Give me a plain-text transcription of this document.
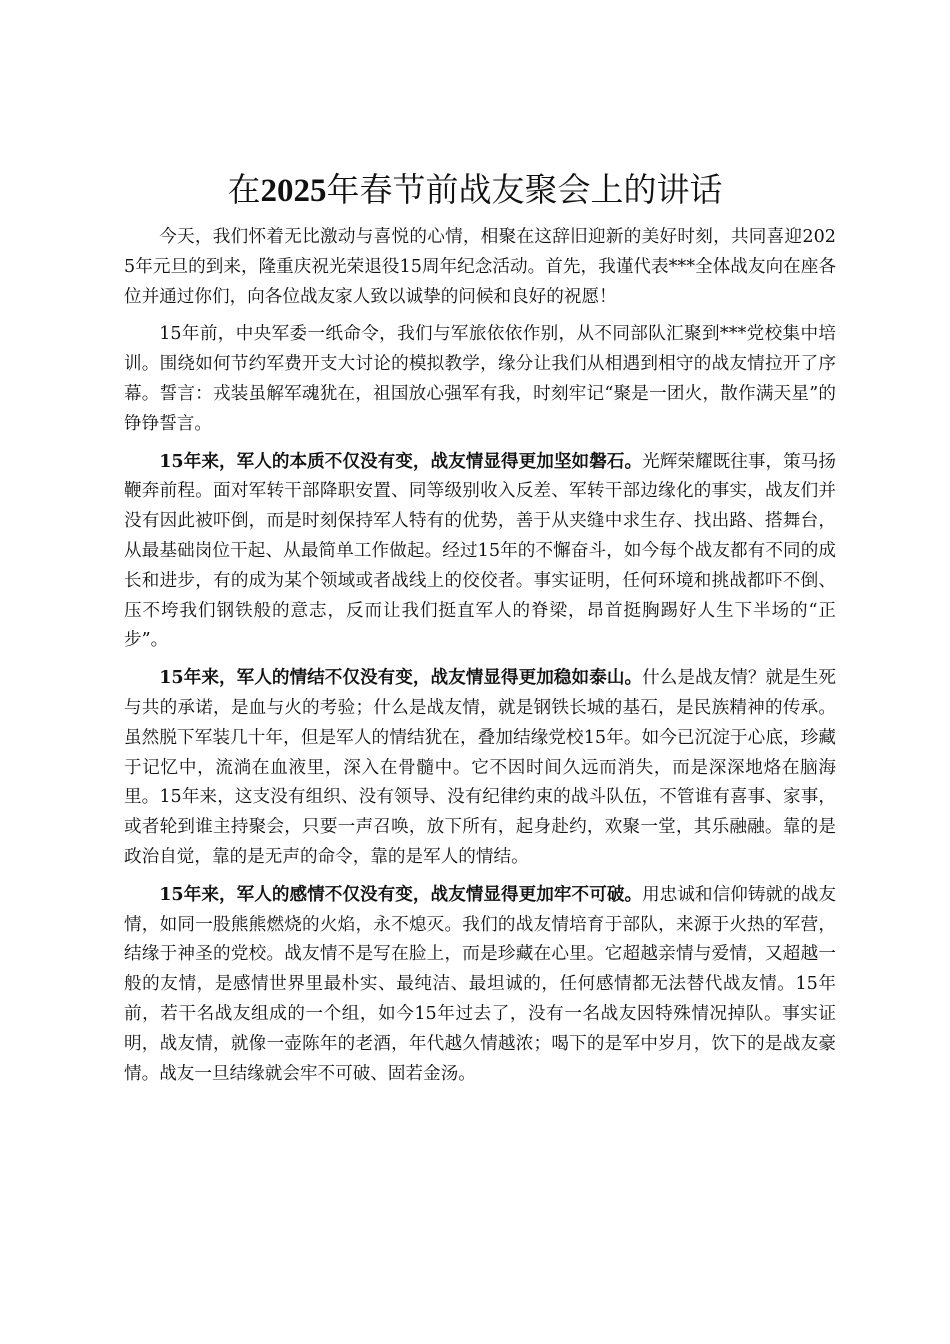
在2025年春节前战友聚会上的讲话

今天，我们怀着无比激动与喜悦的心情，相聚在这辞旧迎新的美好时刻，共同喜迎2025年元旦的到来，隆重庆祝光荣退役15周年纪念活动。首先，我谨代表***全体战友向在座各位并通过你们，向各位战友家人致以诚挚的问候和良好的祝愿！

15年前，中央军委一纸命令，我们与军旅依依作别，从不同部队汇聚到***党校集中培训。围绕如何节约军费开支大讨论的模拟教学，缘分让我们从相遇到相守的战友情拉开了序幕。誓言：戎装虽解军魂犹在，祖国放心强军有我，时刻牢记“聚是一团火，散作满天星”的铮铮誓言。

15年来，军人的本质不仅没有变，战友情显得更加坚如磐石。光辉荣耀既往事，策马扬鞭奔前程。面对军转干部降职安置、同等级别收入反差、军转干部边缘化的事实，战友们并没有因此被吓倒，而是时刻保持军人特有的优势，善于从夹缝中求生存、找出路、搭舞台，从最基础岗位干起、从最简单工作做起。经过15年的不懈奋斗，如今每个战友都有不同的成长和进步，有的成为某个领域或者战线上的佼佼者。事实证明，任何环境和挑战都吓不倒、压不垮我们钢铁般的意志，反而让我们挺直军人的脊梁，昂首挺胸踢好人生下半场的“正步”。

15年来，军人的情结不仅没有变，战友情显得更加稳如泰山。什么是战友情？就是生死与共的承诺，是血与火的考验；什么是战友情，就是钢铁长城的基石，是民族精神的传承。虽然脱下军装几十年，但是军人的情结犹在，叠加结缘党校15年。如今已沉淀于心底，珍藏于记忆中，流淌在血液里，深入在骨髓中。它不因时间久远而消失，而是深深地烙在脑海里。15年来，这支没有组织、没有领导、没有纪律约束的战斗队伍，不管谁有喜事、家事，或者轮到谁主持聚会，只要一声召唤，放下所有，起身赴约，欢聚一堂，其乐融融。靠的是政治自觉，靠的是无声的命令，靠的是军人的情结。

15年来，军人的感情不仅没有变，战友情显得更加牢不可破。用忠诚和信仰铸就的战友情，如同一股熊熊燃烧的火焰，永不熄灭。我们的战友情培育于部队，来源于火热的军营，结缘于神圣的党校。战友情不是写在脸上，而是珍藏在心里。它超越亲情与爱情，又超越一般的友情，是感情世界里最朴实、最纯洁、最坦诚的，任何感情都无法替代战友情。15年前，若干名战友组成的一个组，如今15年过去了，没有一名战友因特殊情况掉队。事实证明，战友情，就像一壶陈年的老酒，年代越久情越浓；喝下的是军中岁月，饮下的是战友豪情。战友一旦结缘就会牢不可破、固若金汤。
